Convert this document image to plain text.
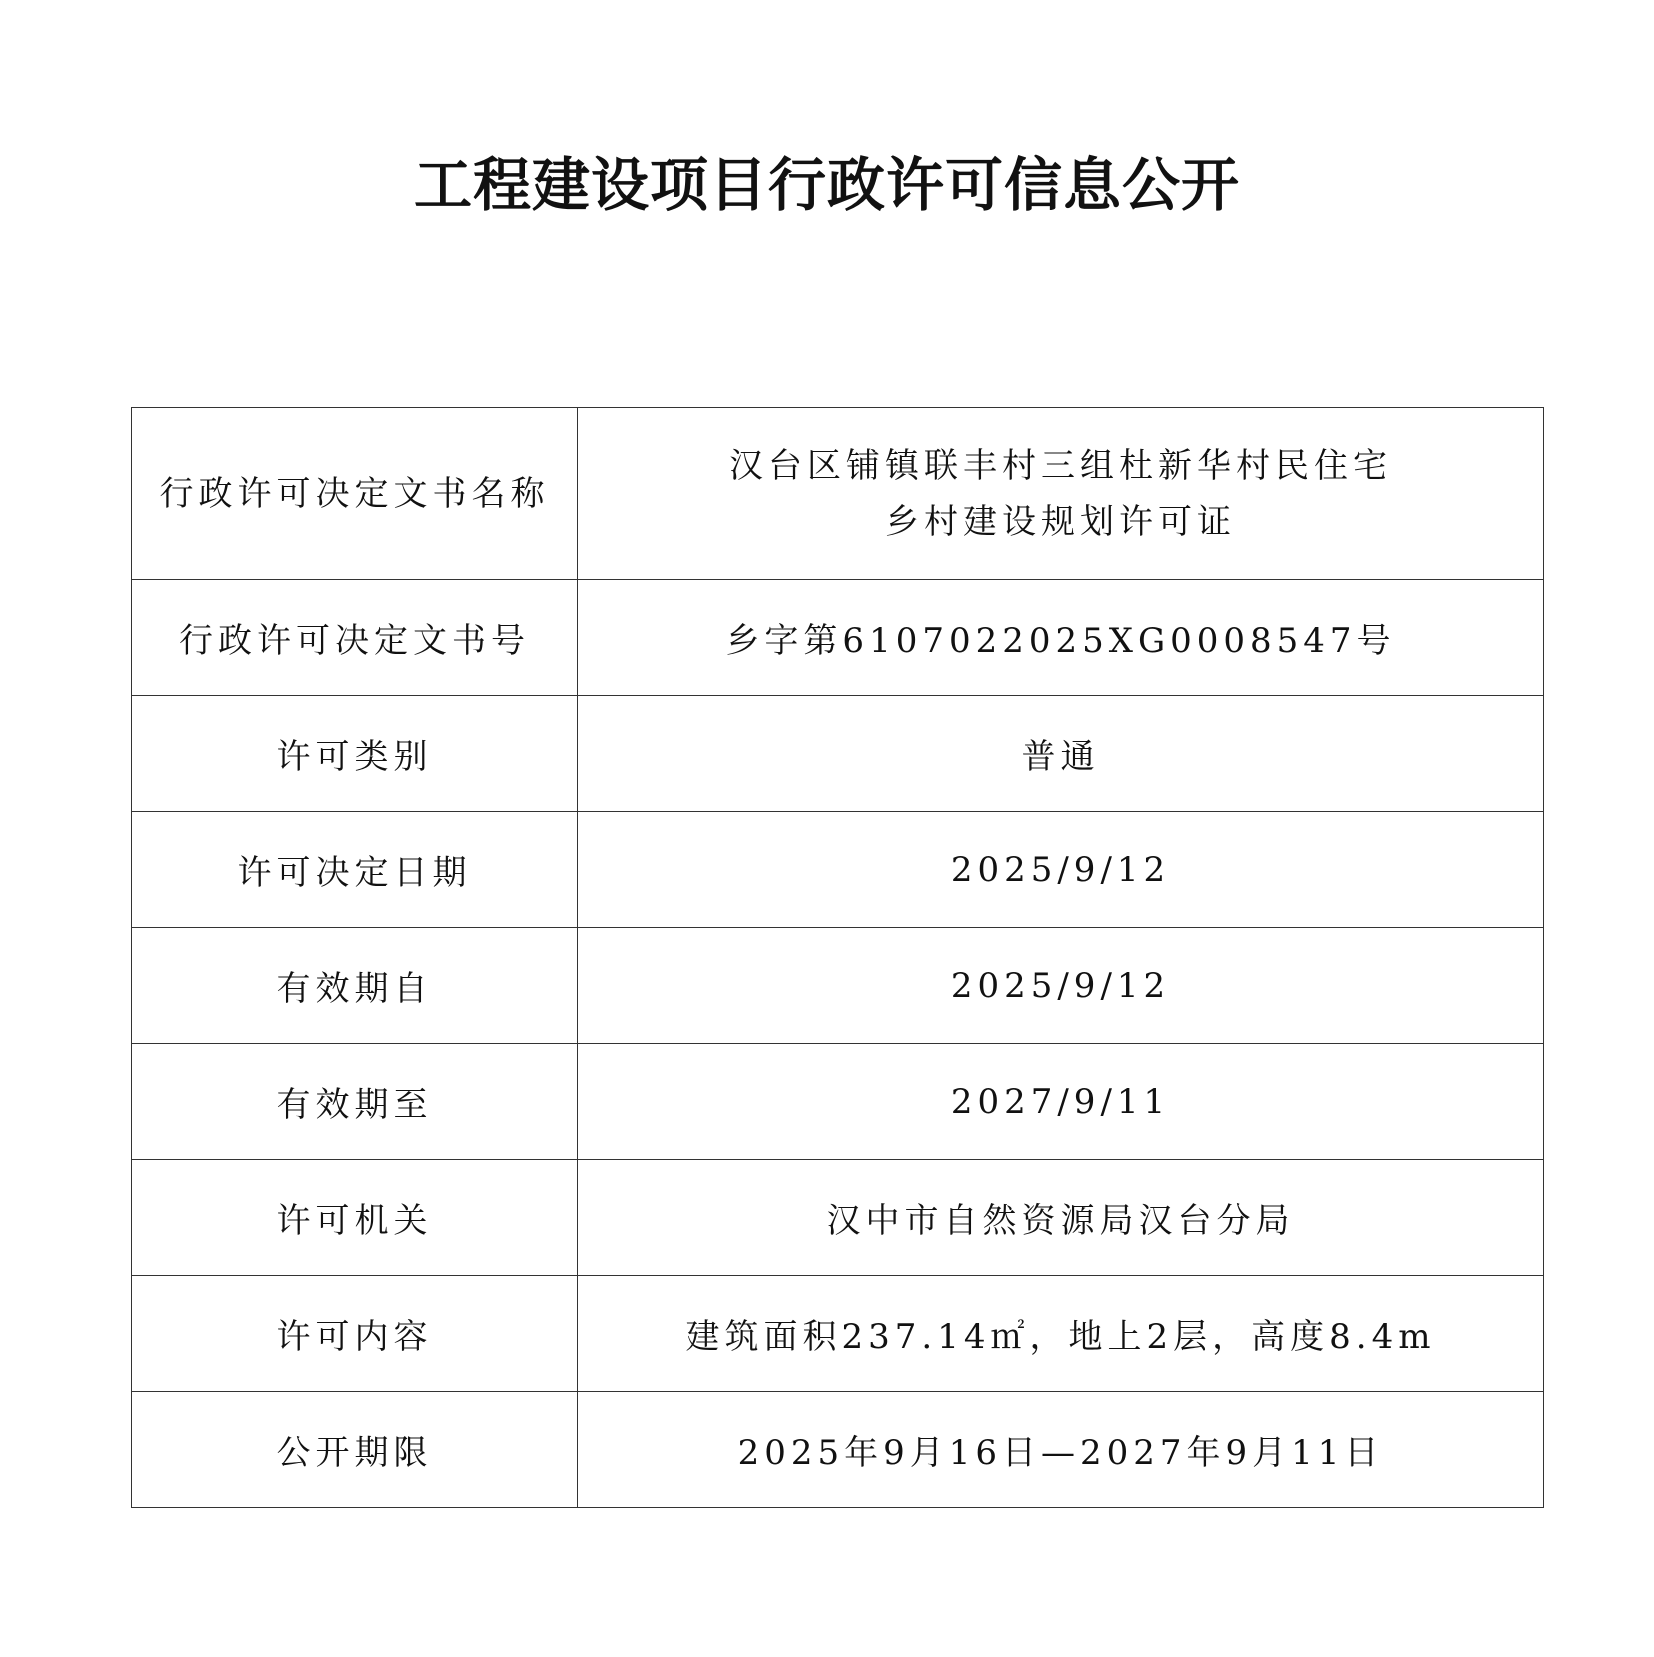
工程建设项目行政许可信息公开
行政许可决定文书名称	汉台区铺镇联丰村三组杜新华村民住宅
乡村建设规划许可证

行政许可决定文书号	乡字第6107022025XG0008547号
许可类别	普通
许可决定日期	2025/9/12
有效期自	2025/9/12
有效期至	2027/9/11
许可机关	汉中市自然资源局汉台分局
许可内容	建筑面积237.14㎡，地上2层，高度8.4m
公开期限	2025年9月16日—2027年9月11日
